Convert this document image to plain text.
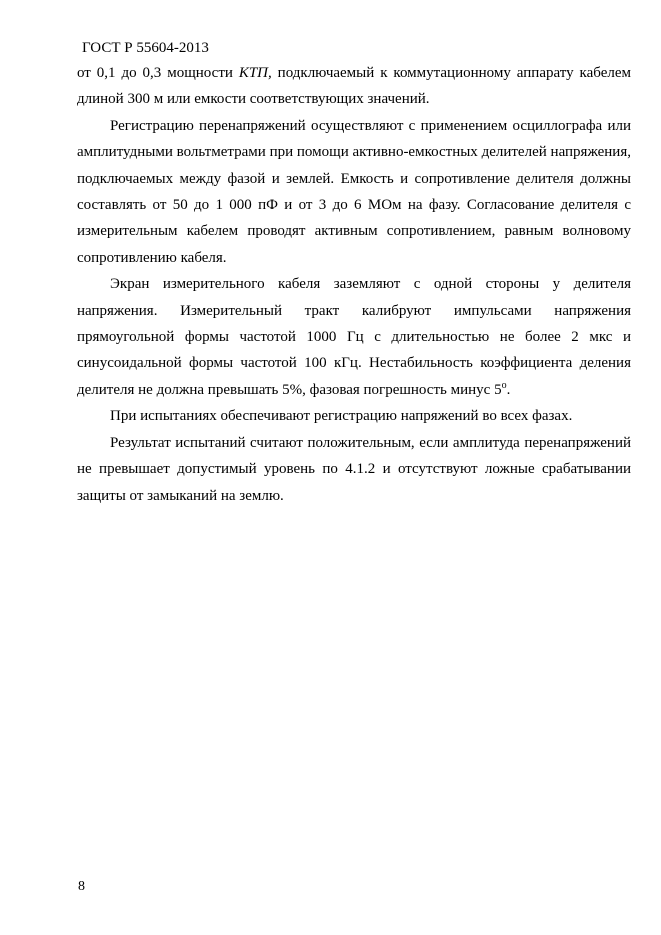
ГОСТ Р 55604-2013

от 0,1 до 0,3 мощности КТП, подключаемый к коммутационному аппарату кабелем длиной 300 м или емкости соответствующих значений.

Регистрацию перенапряжений осуществляют с применением осциллографа или амплитудными вольтметрами при помощи активно-емкостных делителей напряжения, подключаемых между фазой и землей. Емкость и сопротивление делителя должны составлять от 50 до 1 000 пФ и от 3 до 6 МОм на фазу. Согласование делителя с измерительным кабелем проводят активным сопротивлением, равным волновому сопротивлению кабеля.

Экран измерительного кабеля заземляют с одной стороны у делителя напряжения. Измерительный тракт калибруют импульсами напряжения прямоугольной формы частотой 1000 Гц с длительностью не более 2 мкс и синусоидальной формы частотой 100 кГц. Нестабильность коэффициента деления делителя не должна превышать 5%, фазовая погрешность минус $5^о$.

При испытаниях обеспечивают регистрацию напряжений во всех фазах.

Результат испытаний считают положительным, если амплитуда перенапряжений не превышает допустимый уровень по 4.1.2 и отсутствуют ложные срабатывании защиты от замыканий на землю.

8
